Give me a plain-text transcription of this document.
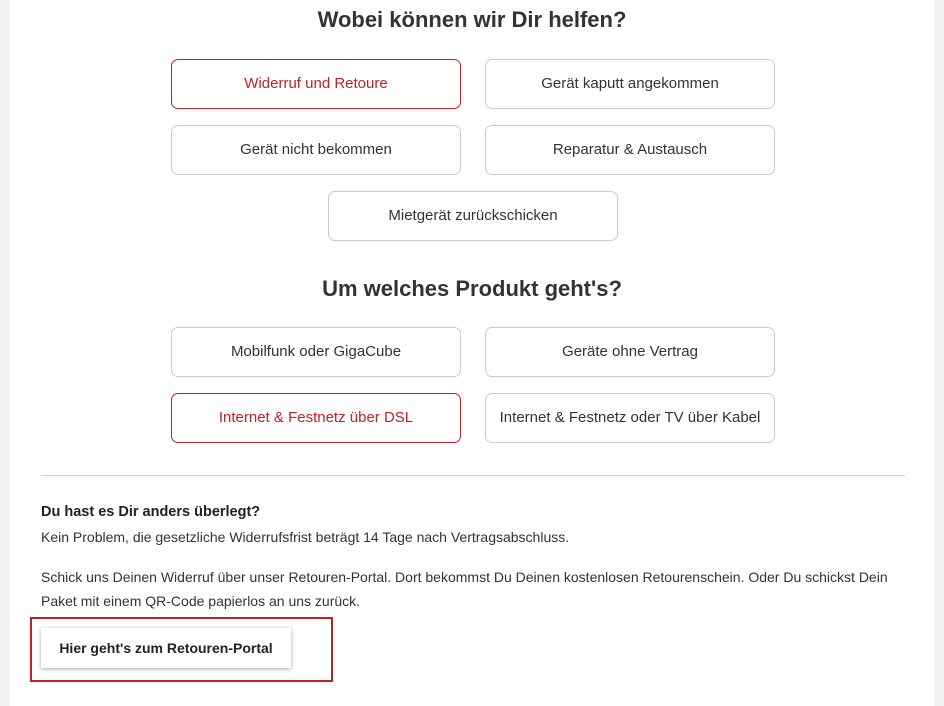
Wobei können wir Dir helfen?
Widerruf und Retoure	Gerät kaputt angekommen
Gerät nicht bekommen	Reparatur & Austausch
Mietgerät zurückschicken
Um welches Produkt geht's?
Mobilfunk oder GigaCube	Geräte ohne Vertrag
Internet & Festnetz über DSL	Internet & Festnetz oder TV über Kabel

Du hast es Dir anders überlegt?

Kein Problem, die gesetzliche Widerrufsfrist beträgt 14 Tage nach Vertragsabschluss.

Schick uns Deinen Widerruf über unser Retouren-Portal. Dort bekommst Du Deinen kostenlosen Retourenschein. Oder Du schickst Dein Paket mit einem QR-Code papierlos an uns zurück.

Hier geht's zum Retouren-Portal
